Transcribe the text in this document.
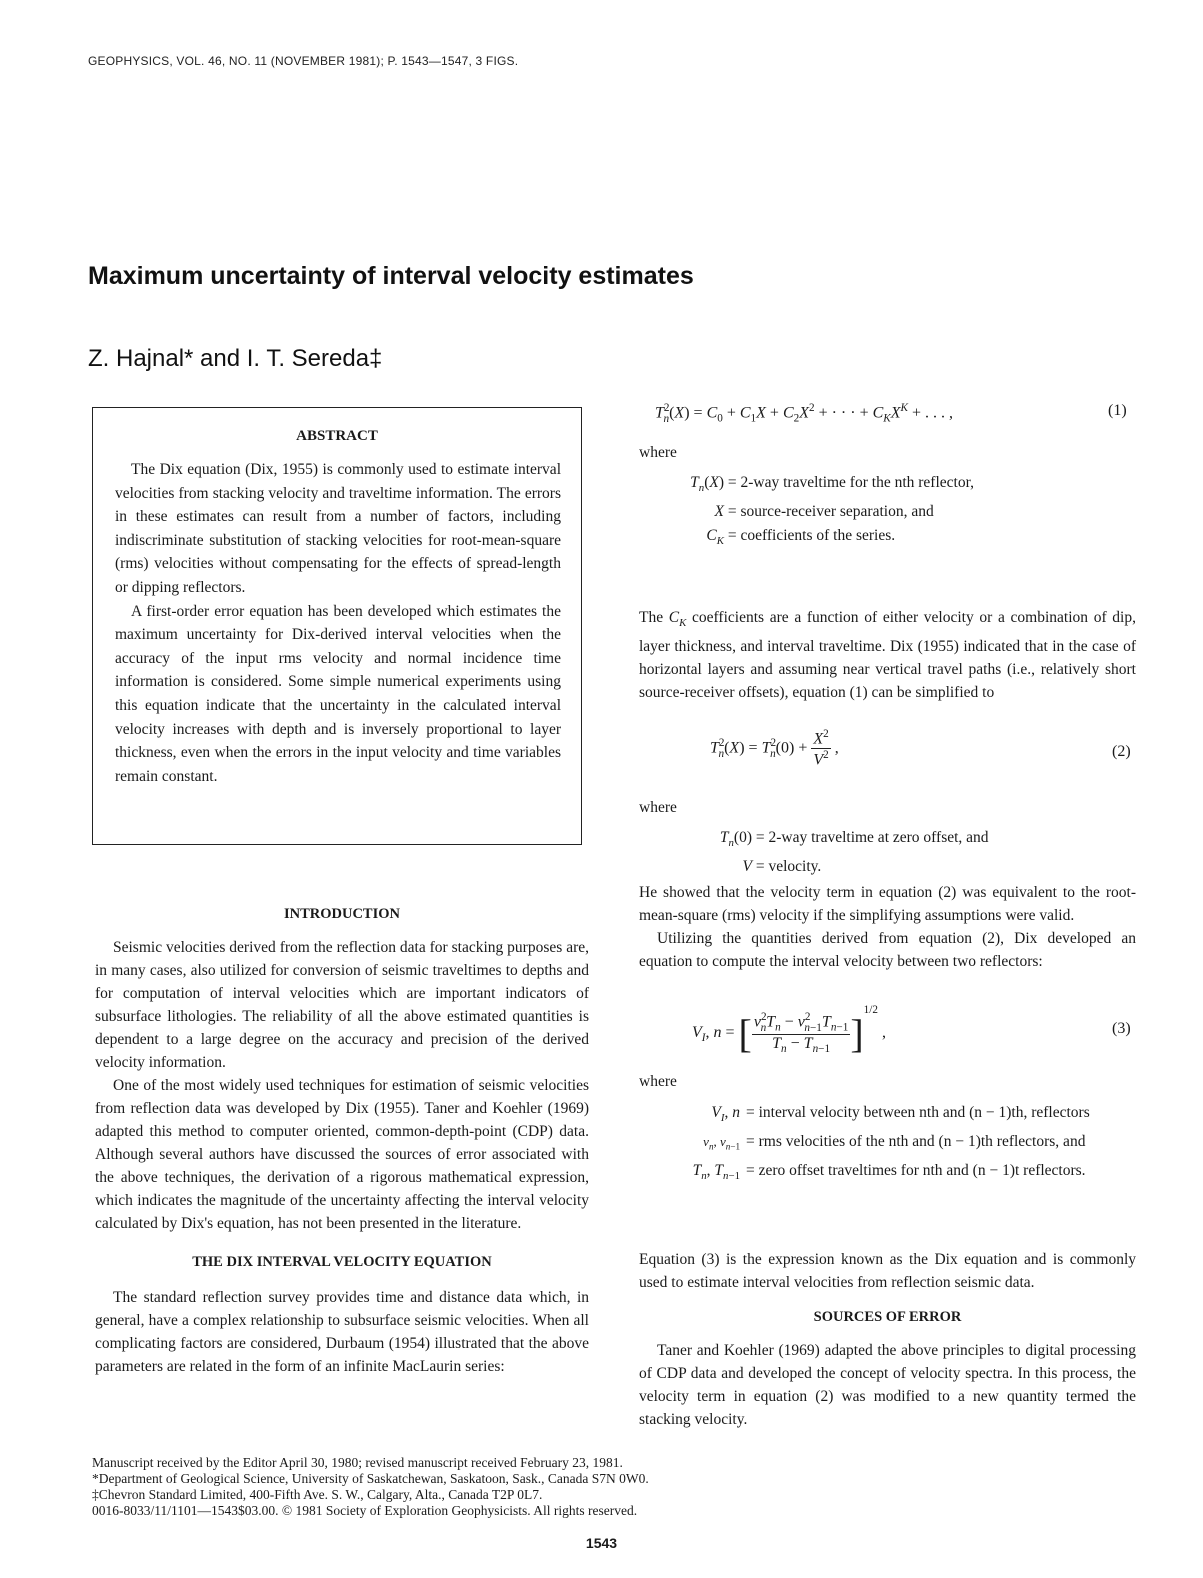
GEOPHYSICS, VOL. 46, NO. 11 (NOVEMBER 1981); P. 1543—1547, 3 FIGS.
Maximum uncertainty of interval velocity estimates
Z. Hajnal* and I. T. Sereda‡
ABSTRACT

The Dix equation (Dix, 1955) is commonly used to estimate interval velocities from stacking velocity and traveltime information. The errors in these estimates can result from a number of factors, including indiscriminate substitution of stacking velocities for root-mean-square (rms) velocities without compensating for the effects of spread-length or dipping reflectors.

A first-order error equation has been developed which estimates the maximum uncertainty for Dix-derived interval velocities when the accuracy of the input rms velocity and normal incidence time information is considered. Some simple numerical experiments using this equation indicate that the uncertainty in the calculated interval velocity increases with depth and is inversely proportional to layer thickness, even when the errors in the input velocity and time variables remain constant.

INTRODUCTION

Seismic velocities derived from the reflection data for stacking purposes are, in many cases, also utilized for conversion of seismic traveltimes to depths and for computation of interval velocities which are important indicators of subsurface lithologies. The reliability of all the above estimated quantities is dependent to a large degree on the accuracy and precision of the derived velocity information.

One of the most widely used techniques for estimation of seismic velocities from reflection data was developed by Dix (1955). Taner and Koehler (1969) adapted this method to computer oriented, common-depth-point (CDP) data. Although several authors have discussed the sources of error associated with the above techniques, the derivation of a rigorous mathematical expression, which indicates the magnitude of the uncertainty affecting the interval velocity calculated by Dix's equation, has not been presented in the literature.

THE DIX INTERVAL VELOCITY EQUATION

The standard reflection survey provides time and distance data which, in general, have a complex relationship to subsurface seismic velocities. When all complicating factors are considered, Durbaum (1954) illustrated that the above parameters are related in the form of an infinite MacLaurin series:

$T^2_n(X) = C_0 + C_1X + C_2X^2$ + · · · + $C_KX^K$ + . . . ,	(1)

where

$T_n(X) = 2-way$ traveltime for the nth reflector,
X = source-receiver separation, and
$C_K$ = coefficients of the series.

The $C_K$ coefficients are a function of either velocity or a combination of dip, layer thickness, and interval traveltime. Dix (1955) indicated that in the case of horizontal layers and assuming near vertical travel paths (i.e., relatively short source-receiver offsets), equation (1) can be simplified to

$T^2_n(X) = T^2_n(0) + \frac{X^2}{V^2}$ ,	(2)

where

$T_n(0) = 2-way$ traveltime at zero offset, and
V = velocity.

He showed that the velocity term in equation (2) was equivalent to the root-mean-square (rms) velocity if the simplifying assumptions were valid.

Utilizing the quantities derived from equation (2), Dix developed an equation to compute the interval velocity between two reflectors:

$V_I$, n = [ $\frac{v^2_nT_n - v^2_{n-1}T_{n-1}}{T_n - T_{n-1}} ]^{1/2}$ ,	(3)

where

$V_I$, n = interval velocity between nth and (n − 1)th, reflectors
$v_n$, $v_{n-1}$ = rms velocities of the nth and (n − 1)th reflectors, and
$T_n$, $T_{n-1}$ = zero offset traveltimes for nth and (n − 1)t reflectors.

Equation (3) is the expression known as the Dix equation and is commonly used to estimate interval velocities from reflection seismic data.

SOURCES OF ERROR

Taner and Koehler (1969) adapted the above principles to digital processing of CDP data and developed the concept of velocity spectra. In this process, the velocity term in equation (2) was modified to a new quantity termed the stacking velocity.

Manuscript received by the Editor April 30, 1980; revised manuscript received February 23, 1981.
*Department of Geological Science, University of Saskatchewan, Saskatoon, Sask., Canada S7N 0W0.
‡Chevron Standard Limited, 400-Fifth Ave. S. W., Calgary, Alta., Canada T2P 0L7.
0016-8033/11/1101—1543$03.00. © 1981 Society of Exploration Geophysicists. All rights reserved.
1543
